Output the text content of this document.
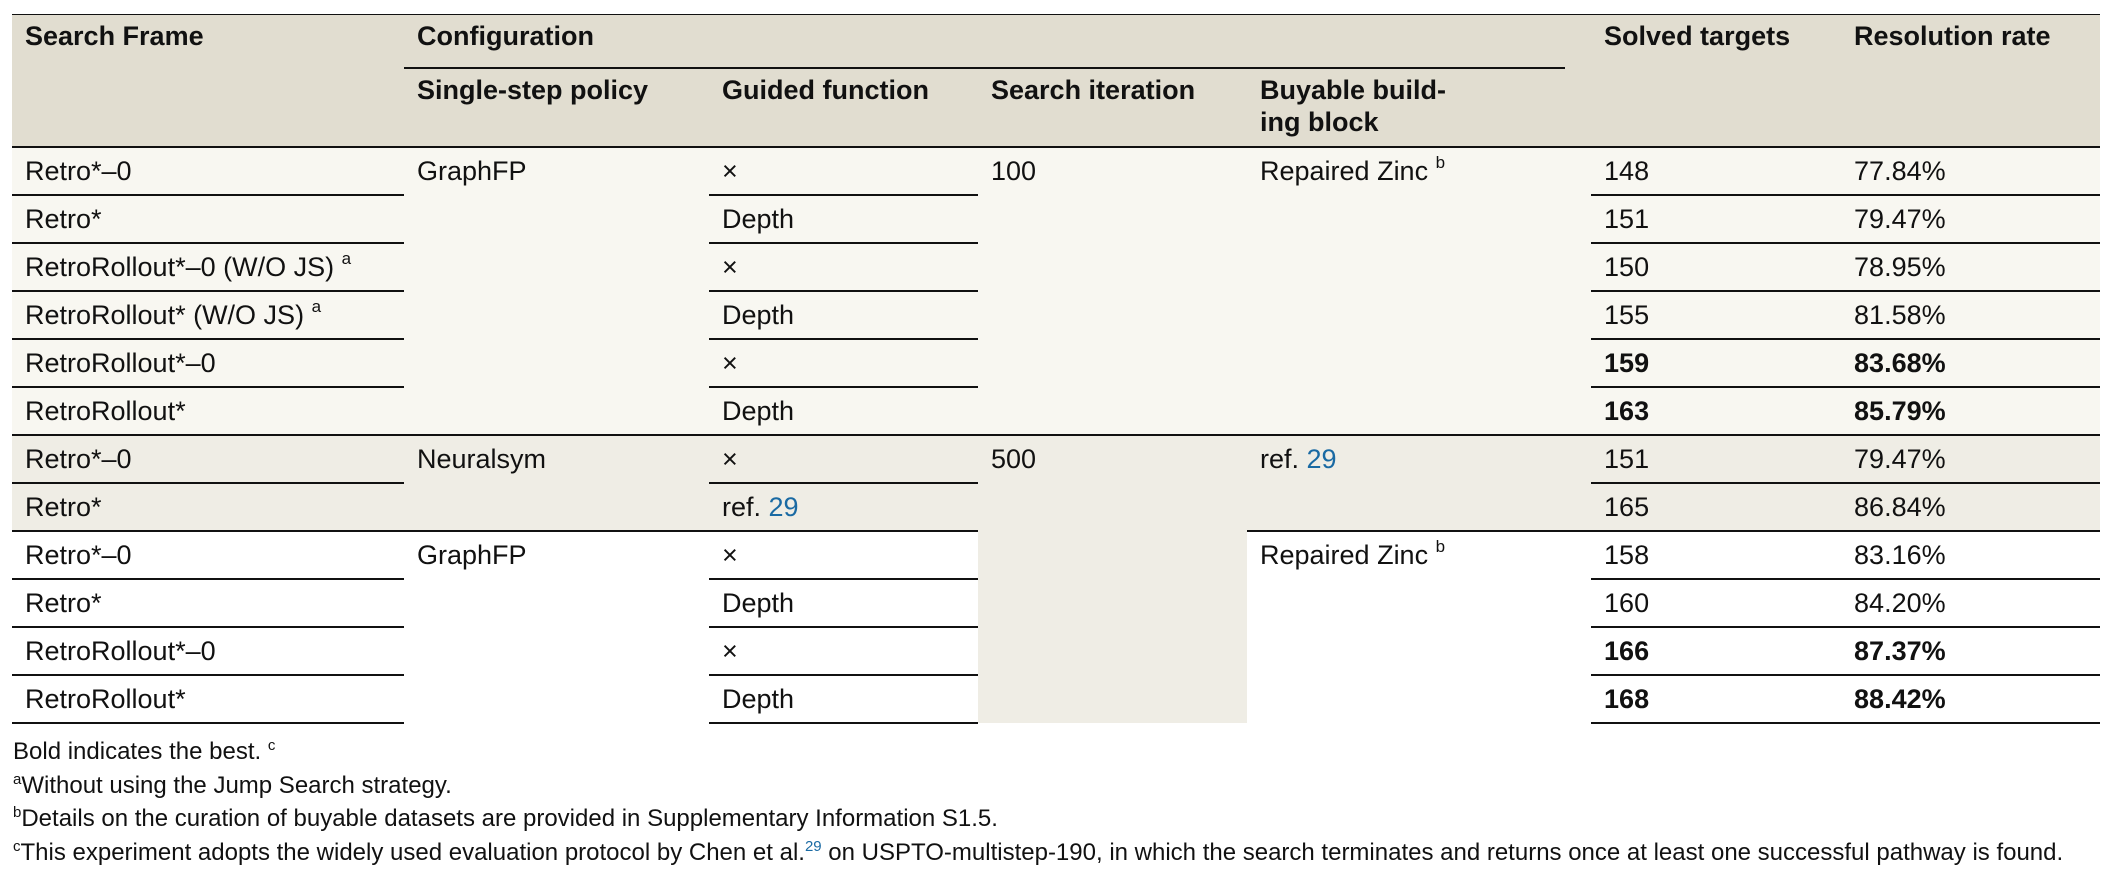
Search Frame	Configuration					Solved targets	Resolution rate
	Single-step policy	Guided function	Search iteration	Buyable build-
ing block			
Retro*–0	GraphFP	×	100	Repaired Zinc $^b$		148	77.84%
Retro*		Depth				151	79.47%
RetroRollout*–0 (W/O JS) $^a$		×				150	78.95%
RetroRollout* (W/O JS) $^a$		Depth				155	81.58%
RetroRollout*–0		×				159	83.68%
RetroRollout*		Depth				163	85.79%
Retro*–0	Neuralsym	×	500	ref. 29		151	79.47%
Retro*		ref. 29				165	86.84%
Retro*–0	GraphFP	×		Repaired Zinc $^b$		158	83.16%
Retro*		Depth				160	84.20%
RetroRollout*–0		×				166	87.37%
RetroRollout*		Depth				168	88.42%
Bold indicates the best. $^c$
$^a$Without using the Jump Search strategy.
$^b$Details on the curation of buyable datasets are provided in Supplementary Information S1.5.
$^c$This experiment adopts the widely used evaluation protocol by Chen et al.$^{29}$ on USPTO-multistep-190, in which the search terminates and returns once at least one successful pathway is found.
